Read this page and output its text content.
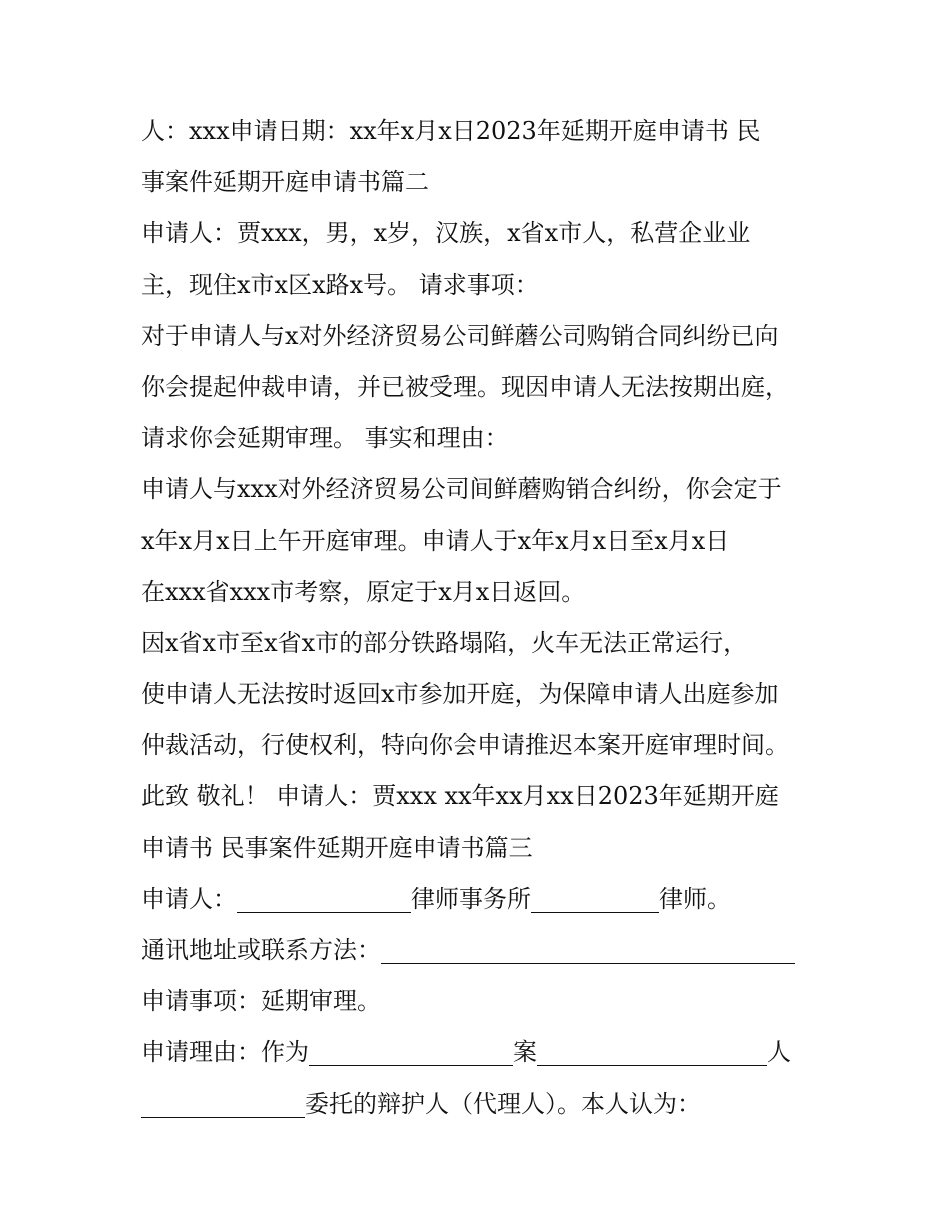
人：xxx申请日期：xx年x月x日2023年延期开庭申请书 民
事案件延期开庭申请书篇二
申请人：贾xxx，男，x岁，汉族，x省x市人，私营企业业
主，现住x市x区x路x号。 请求事项：
对于申请人与x对外经济贸易公司鲜蘑公司购销合同纠纷已向
你会提起仲裁申请，并已被受理。现因申请人无法按期出庭，
请求你会延期审理。 事实和理由：
申请人与xxx对外经济贸易公司间鲜蘑购销合纠纷，你会定于
x年x月x日上午开庭审理。申请人于x年x月x日至x月x日
在xxx省xxx市考察，原定于x月x日返回。
因x省x市至x省x市的部分铁路塌陷，火车无法正常运行，
使申请人无法按时返回x市参加开庭，为保障申请人出庭参加
仲裁活动，行使权利，特向你会申请推迟本案开庭审理时间。
此致 敬礼！ 申请人：贾xxx xx年xx月xx日2023年延期开庭
申请书 民事案件延期开庭申请书篇三
申请人：	律师事务所	律师。
通讯地址或联系方法：
申请事项：延期审理。
申请理由：作为	案	人
委托的辩护人（代理人）。本人认为：
